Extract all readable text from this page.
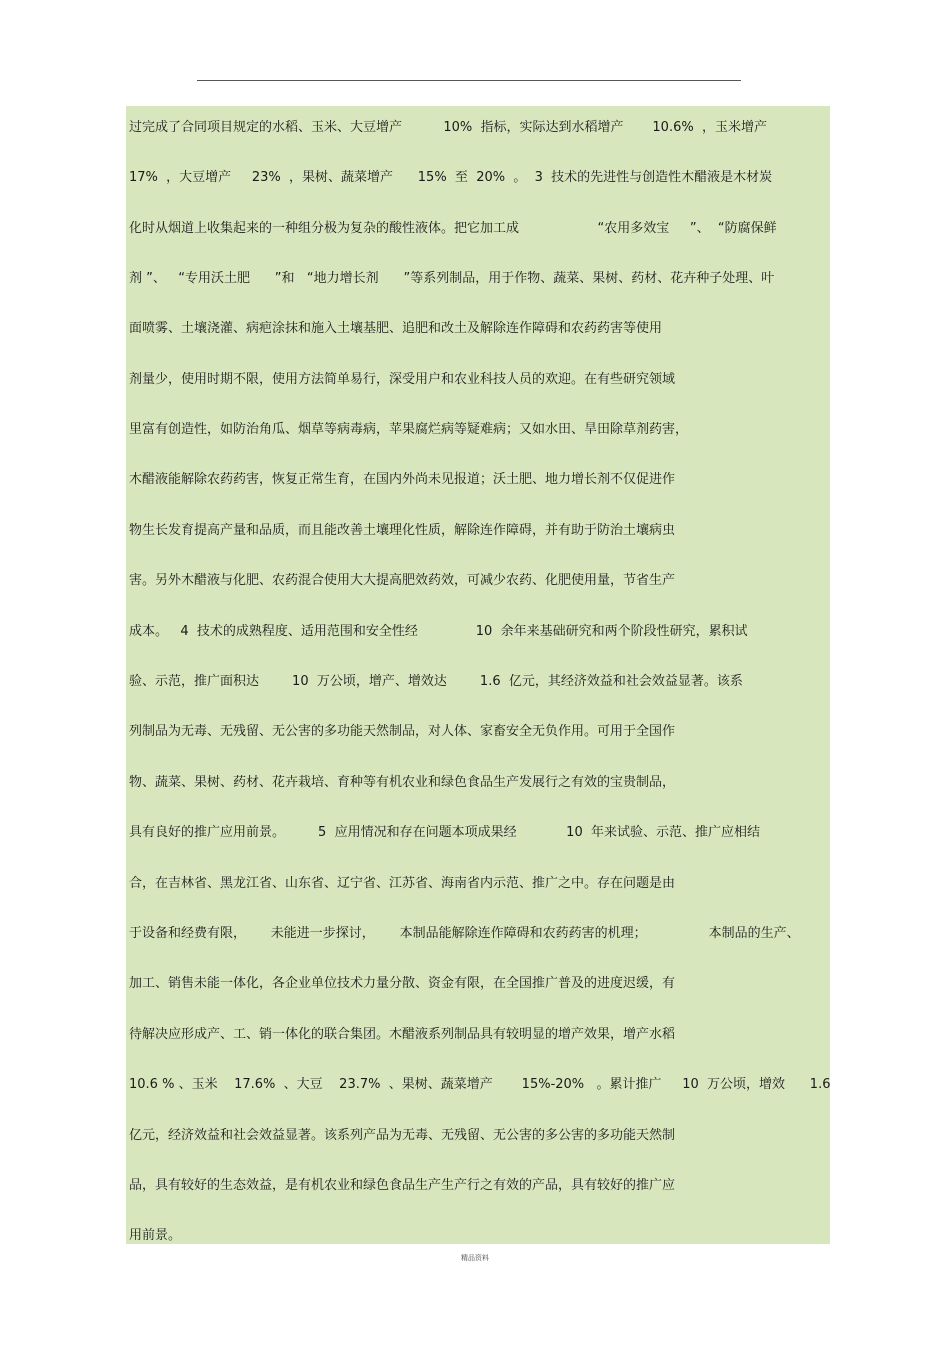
过完成了合同项目规定的水稻、玉米、大豆增产          10%  指标，实际达到水稻增产       10.6%  ，玉米增产
17%  ，大豆增产     23%  ，果树、蔬菜增产      15%  至  20%  。  3  技术的先进性与创造性木醋液是木材炭
化时从烟道上收集起来的一种组分极为复杂的酸性液体。把它加工成                   “农用多效宝     ”、  “防腐保鲜
剂 ”、   “专用沃土肥      ”和   “地力增长剂      ”等系列制品，用于作物、蔬菜、果树、药材、花卉种子处理、叶
面喷雾、土壤浇灌、病疤涂抹和施入土壤基肥、追肥和改土及解除连作障碍和农药药害等使用
剂量少，使用时期不限，使用方法简单易行，深受用户和农业科技人员的欢迎。在有些研究领域
里富有创造性，如防治角瓜、烟草等病毒病，苹果腐烂病等疑难病；又如水田、旱田除草剂药害，
木醋液能解除农药药害，恢复正常生育，在国内外尚未见报道；沃土肥、地力增长剂不仅促进作
物生长发育提高产量和品质，而且能改善土壤理化性质，解除连作障碍，并有助于防治土壤病虫
害。另外木醋液与化肥、农药混合使用大大提高肥效药效，可减少农药、化肥使用量，节省生产
成本。   4  技术的成熟程度、适用范围和安全性经              10  余年来基础研究和两个阶段性研究，累积试
验、示范，推广面积达        10  万公顷，增产、增效达        1.6  亿元，其经济效益和社会效益显著。该系
列制品为无毒、无残留、无公害的多功能天然制品，对人体、家畜安全无负作用。可用于全国作
物、蔬菜、果树、药材、花卉栽培、育种等有机农业和绿色食品生产发展行之有效的宝贵制品，
具有良好的推广应用前景。        5  应用情况和存在问题本项成果经            10  年来试验、示范、推广应相结
合，在吉林省、黑龙江省、山东省、辽宁省、江苏省、海南省内示范、推广之中。存在问题是由
于设备和经费有限，      未能进一步探讨，      本制品能解除连作障碍和农药药害的机理；               本制品的生产、
加工、销售未能一体化，各企业单位技术力量分散、资金有限，在全国推广普及的进度迟缓，有
待解决应形成产、工、销一体化的联合集团。木醋液系列制品具有较明显的增产效果，增产水稻
10.6 % 、玉米    17.6%  、大豆    23.7%  、果树、蔬菜增产       15%-20%   。累计推广     10  万公顷，增效      1.6
亿元，经济效益和社会效益显著。该系列产品为无毒、无残留、无公害的多公害的多功能天然制
品，具有较好的生态效益，是有机农业和绿色食品生产生产行之有效的产品，具有较好的推广应
用前景。
精品资料
